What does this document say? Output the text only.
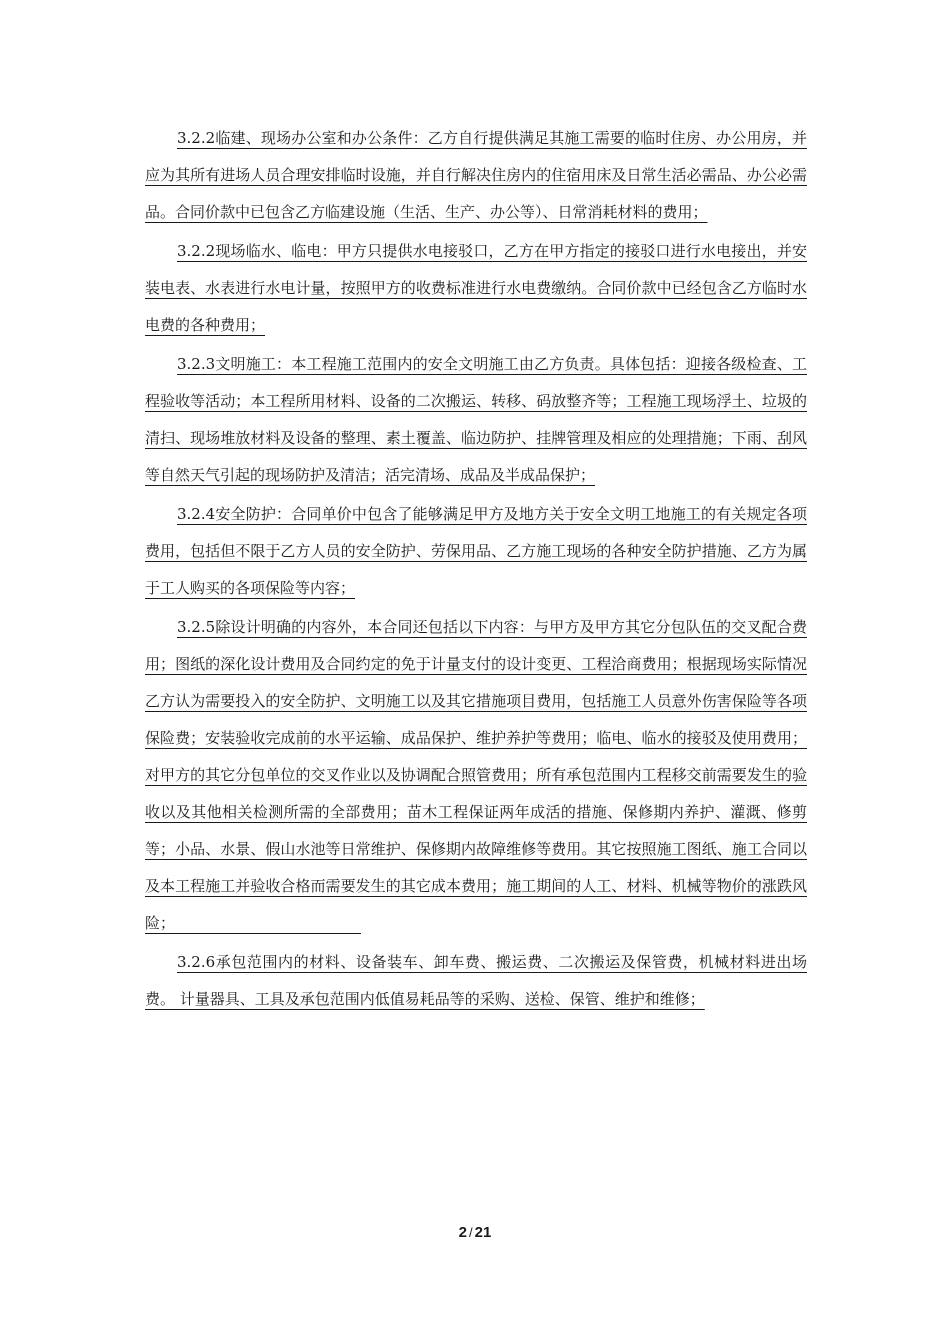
3.2.2临建、现场办公室和办公条件：乙方自行提供满足其施工需要的临时住房、办公用房，并应为其所有进场人员合理安排临时设施，并自行解决住房内的住宿用床及日常生活必需品、办公必需品。合同价款中已包含乙方临建设施（生活、生产、办公等）、日常消耗材料的费用；

3.2.2现场临水、临电：甲方只提供水电接驳口，乙方在甲方指定的接驳口进行水电接出，并安装电表、水表进行水电计量，按照甲方的收费标准进行水电费缴纳。合同价款中已经包含乙方临时水电费的各种费用；

3.2.3文明施工：本工程施工范围内的安全文明施工由乙方负责。具体包括：迎接各级检查、工程验收等活动；本工程所用材料、设备的二次搬运、转移、码放整齐等；工程施工现场浮土、垃圾的清扫、现场堆放材料及设备的整理、素土覆盖、临边防护、挂牌管理及相应的处理措施；下雨、刮风等自然天气引起的现场防护及清洁；活完清场、成品及半成品保护；

3.2.4安全防护：合同单价中包含了能够满足甲方及地方关于安全文明工地施工的有关规定各项费用，包括但不限于乙方人员的安全防护、劳保用品、乙方施工现场的各种安全防护措施、乙方为属于工人购买的各项保险等内容；

3.2.5除设计明确的内容外，本合同还包括以下内容：与甲方及甲方其它分包队伍的交叉配合费用；图纸的深化设计费用及合同约定的免于计量支付的设计变更、工程洽商费用；根据现场实际情况乙方认为需要投入的安全防护、文明施工以及其它措施项目费用，包括施工人员意外伤害保险等各项保险费；安装验收完成前的水平运输、成品保护、维护养护等费用；临电、临水的接驳及使用费用；对甲方的其它分包单位的交叉作业以及协调配合照管费用；所有承包范围内工程移交前需要发生的验收以及其他相关检测所需的全部费用；苗木工程保证两年成活的措施、保修期内养护、灌溉、修剪等；小品、水景、假山水池等日常维护、保修期内故障维修等费用。其它按照施工图纸、施工合同以及本工程施工并验收合格而需要发生的其它成本费用；施工期间的人工、材料、机械等物价的涨跌风险；

3.2.6承包范围内的材料、设备装车、卸车费、搬运费、二次搬运及保管费，机械材料进出场费。 计量器具、工具及承包范围内低值易耗品等的采购、送检、保管、维护和维修；

2 / 21
